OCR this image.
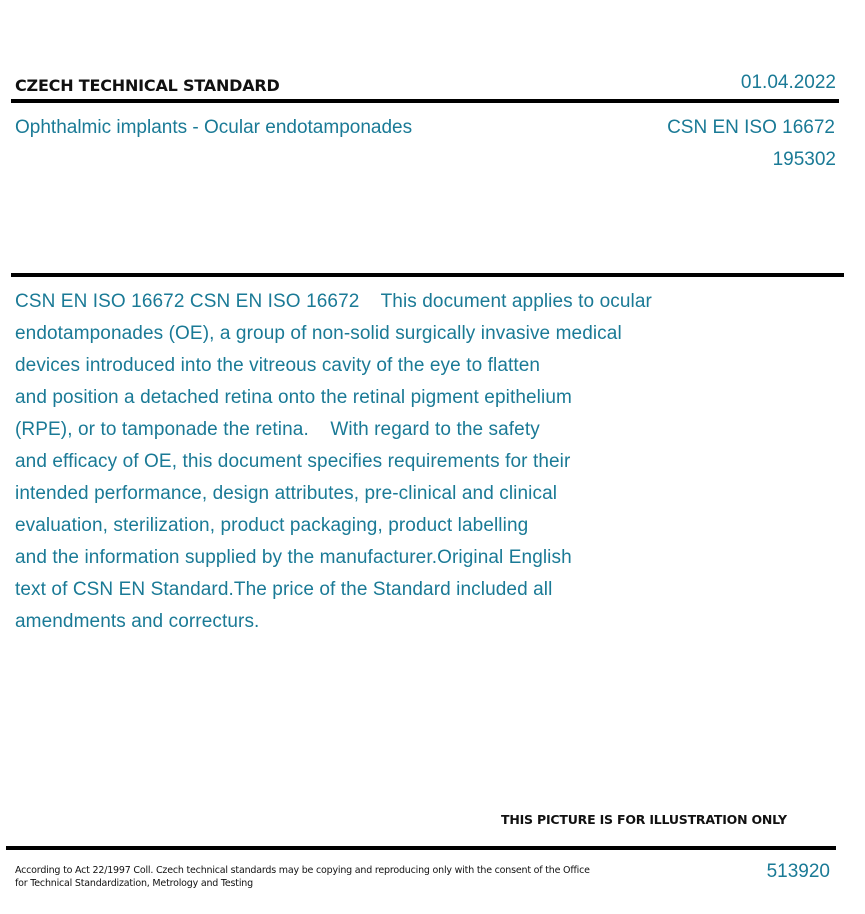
CZECH TECHNICAL STANDARD	01.04.2022
Ophthalmic implants - Ocular endotamponades	CSN EN ISO 16672
195302
CSN EN ISO 16672 CSN EN ISO 16672    This document applies to ocular
endotamponades (OE), a group of non-solid surgically invasive medical
devices introduced into the vitreous cavity of the eye to flatten
and position a detached retina onto the retinal pigment epithelium
(RPE), or to tamponade the retina.    With regard to the safety
and efficacy of OE, this document specifies requirements for their
intended performance, design attributes, pre-clinical and clinical
evaluation, sterilization, product packaging, product labelling
and the information supplied by the manufacturer.Original English
text of CSN EN Standard.The price of the Standard included all
amendments and correcturs.
THIS PICTURE IS FOR ILLUSTRATION ONLY
According to Act 22/1997 Coll. Czech technical standards may be copying and reproducing only with the consent of the Office
for Technical Standardization, Metrology and Testing
513920
